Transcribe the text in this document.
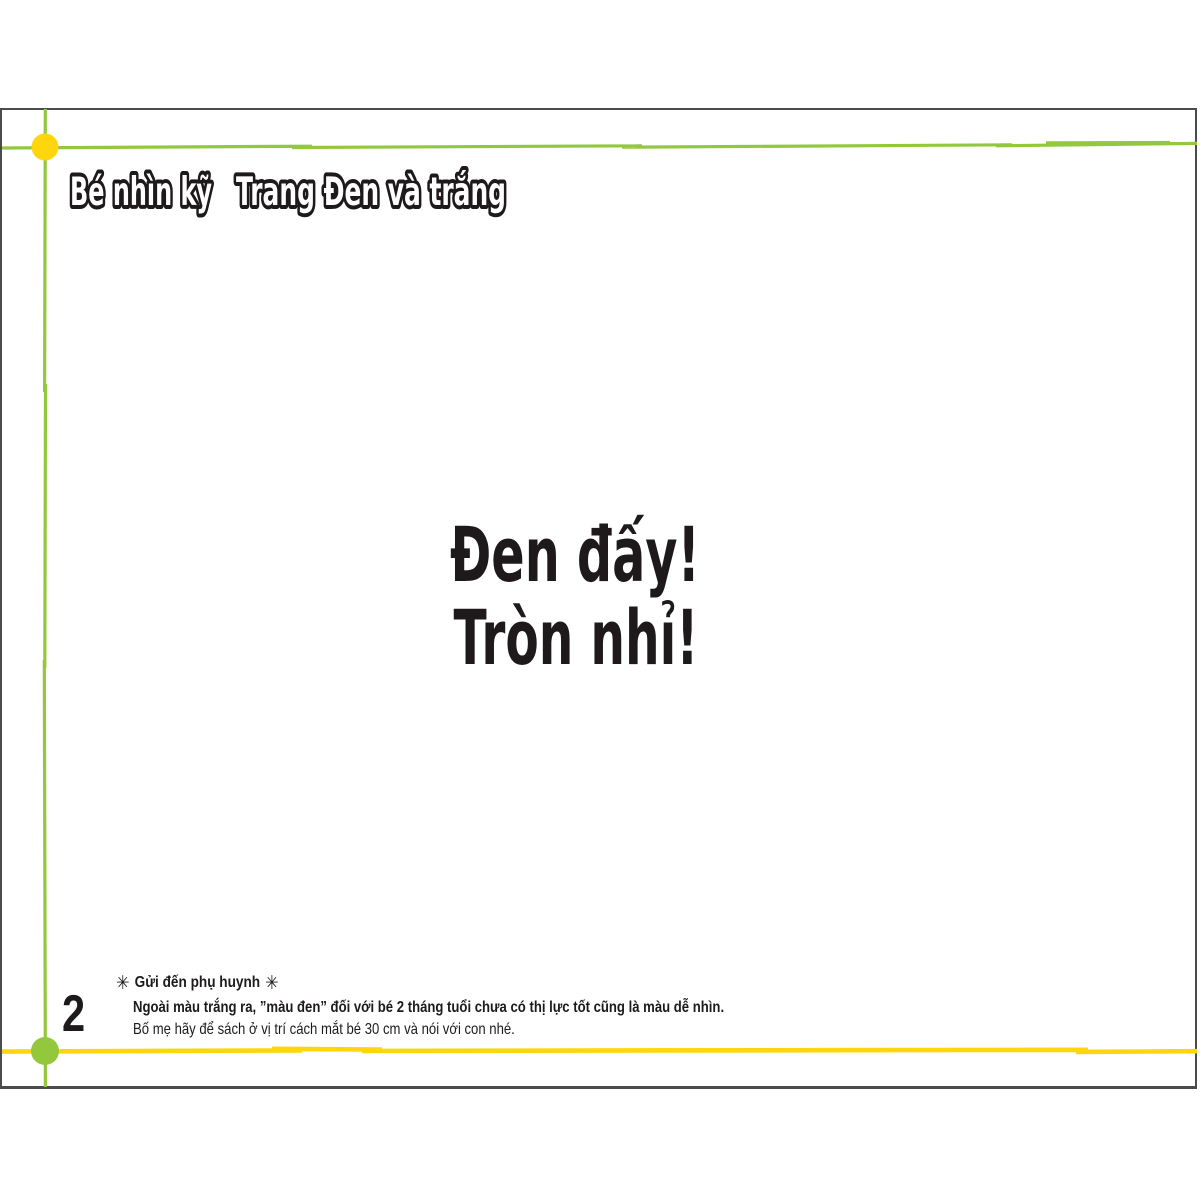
Bé nhìn kỹ Trang Đen và trắng
Đen đấy!
Tròn nhỉ!
2
✳ Gửi đến phụ huynh ✳
Ngoài màu trắng ra, ”màu đen” đối với bé 2 tháng tuổi chưa có thị lực tốt cũng là màu dễ nhìn.
Bố mẹ hãy để sách ở vị trí cách mắt bé 30 cm và nói với con nhé.
